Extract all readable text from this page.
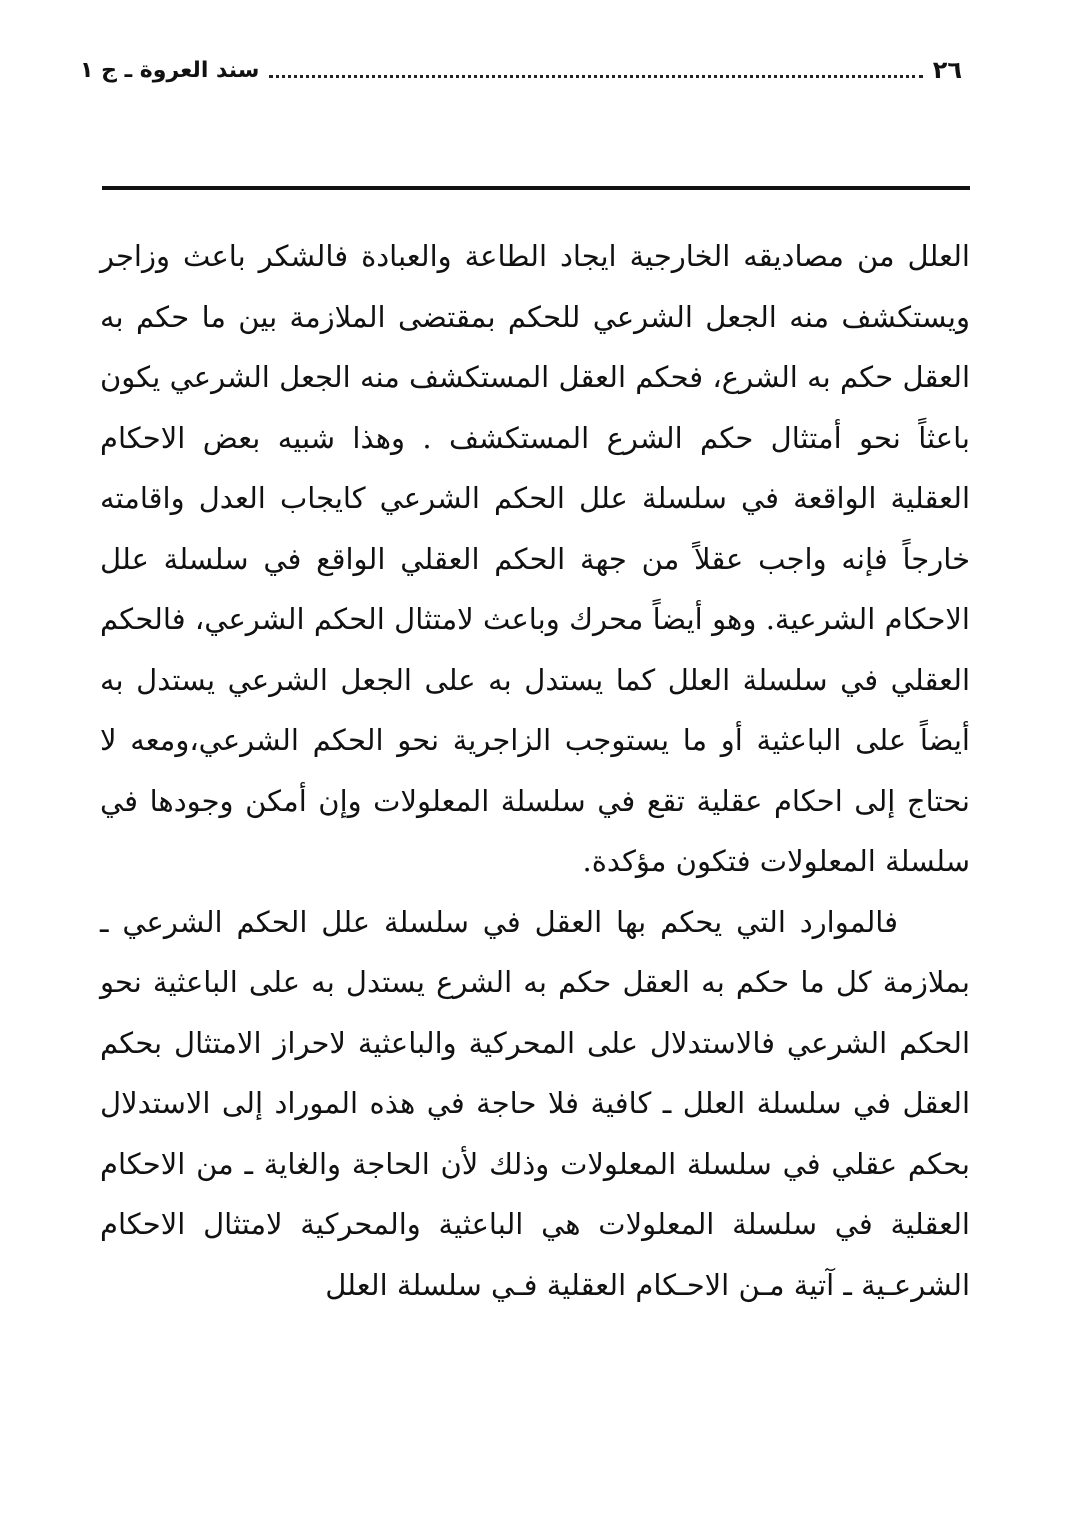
٢٦
سند العروة ـ ج ١

العلل من مصاديقه الخارجية ايجاد الطاعة والعبادة فالشكر باعث وزاجر ويستكشف منه الجعل الشرعي للحكم بمقتضى الملازمة بين ما حكم به العقل حكم به الشرع، فحكم العقل المستكشف منه الجعل الشرعي يكون باعثاً نحو أمتثال حكم الشرع المستكشف . وهذا شبيه بعض الاحكام العقلية الواقعة في سلسلة علل الحكم الشرعي كايجاب العدل واقامته خارجاً فإنه واجب عقلاً من جهة الحكم العقلي الواقع في سلسلة علل الاحكام الشرعية. وهو أيضاً محرك وباعث لامتثال الحكم الشرعي، فالحكم العقلي في سلسلة العلل كما يستدل به على الجعل الشرعي يستدل به أيضاً على الباعثية أو ما يستوجب الزاجرية نحو الحكم الشرعي،ومعه لا نحتاج إلى احكام عقلية تقع في سلسلة المعلولات وإن أمكن وجودها في سلسلة المعلولات فتكون مؤكدة.

فالموارد التي يحكم بها العقل في سلسلة علل الحكم الشرعي ـ بملازمة كل ما حكم به العقل حكم به الشرع يستدل به على الباعثية نحو الحكم الشرعي فالاستدلال على المحركية والباعثية لاحراز الامتثال بحكم العقل في سلسلة العلل ـ كافية فلا حاجة في هذه الموراد إلى الاستدلال بحكم عقلي في سلسلة المعلولات وذلك لأن الحاجة والغاية ـ من الاحكام العقلية في سلسلة المعلولات هي الباعثية والمحركية لامتثال الاحكام الشرعـية ـ آتية مـن الاحـكام العقلية فـي سلسلة العلل
